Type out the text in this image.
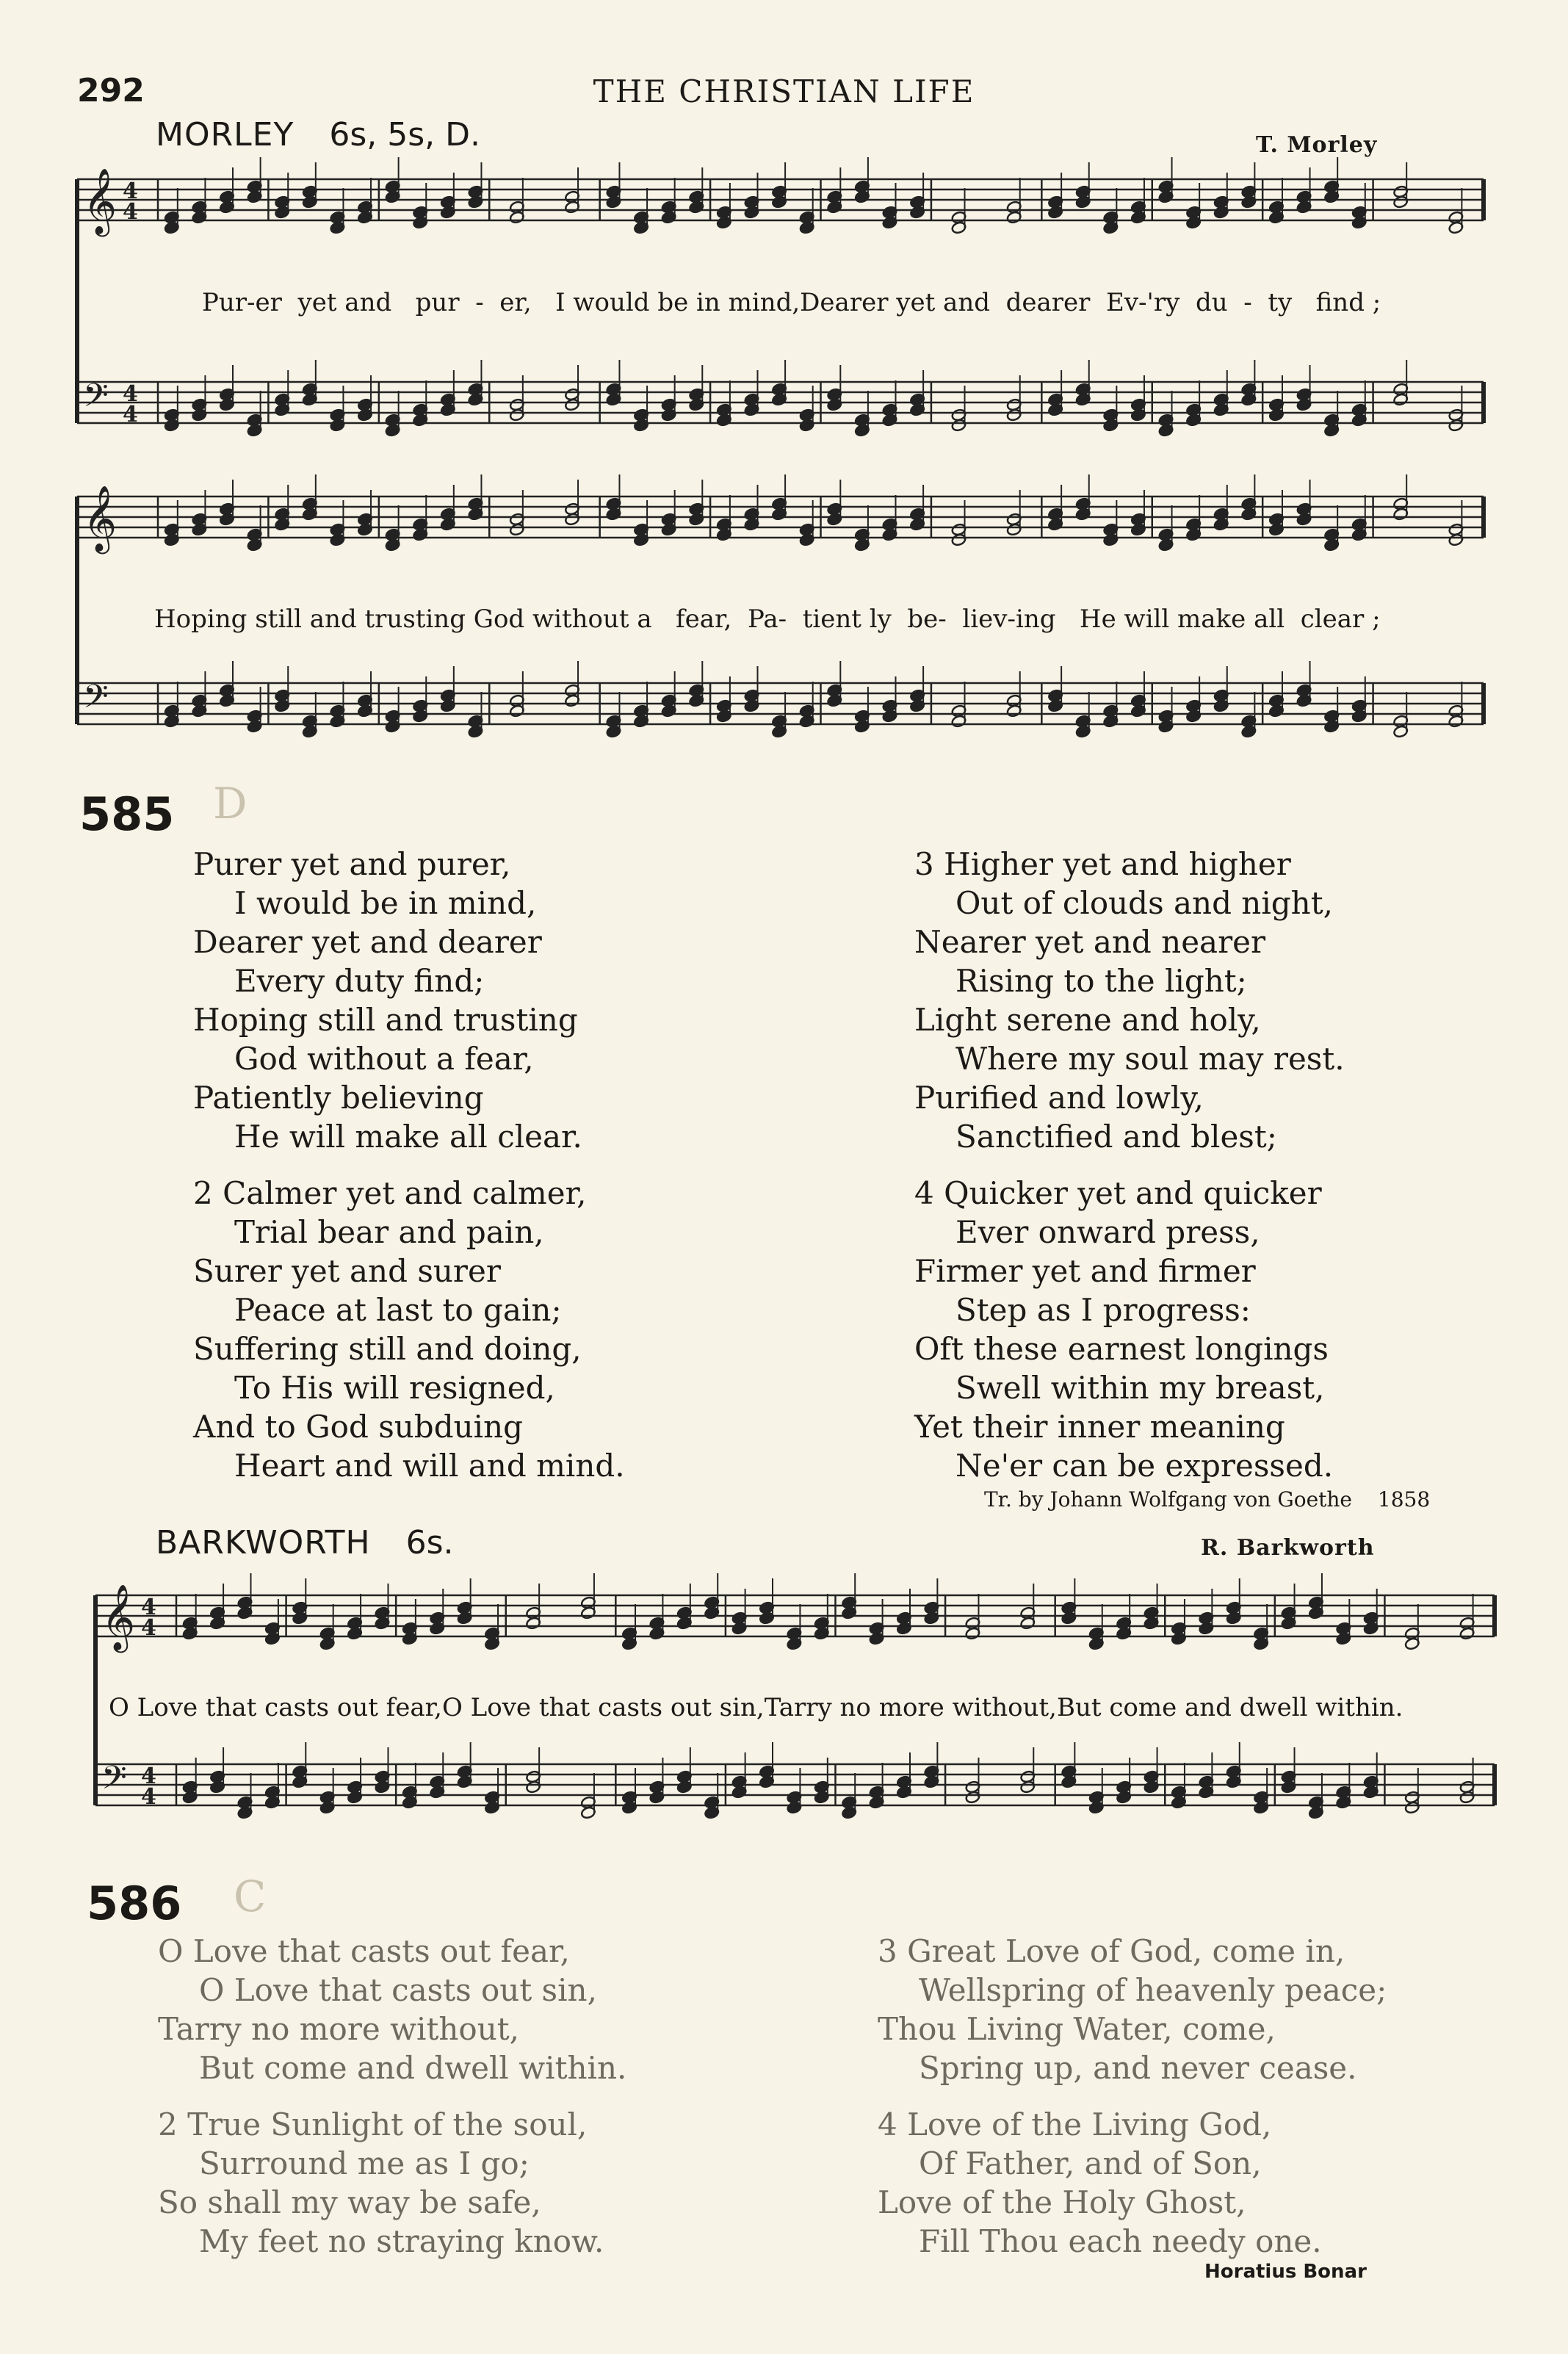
292	THE CHRISTIAN LIFE
MORLEY 6s, 5s, D.	T. Morley
𝄞 4
4
𝄢 4
4
𝄞
𝄢
𝄞 4
4
𝄢 4
4
Pur-er  yet and   pur  -  er,   I would be in mind,Dearer yet and  dearer  Ev-'ry  du  -  ty   find ;
Hoping still and trusting God without a   fear,  Pa-  tient ly  be-  liev-ing   He will make all  clear ;
585 D
Purer yet and purer,
I would be in mind,
Dearer yet and dearer
Every duty find;
Hoping still and trusting
God without a fear,
Patiently believing
He will make all clear.
2 Calmer yet and calmer,
Trial bear and pain,
Surer yet and surer
Peace at last to gain;
Suffering still and doing,
To His will resigned,
And to God subduing
Heart and will and mind.
3 Higher yet and higher
Out of clouds and night,
Nearer yet and nearer
Rising to the light;
Light serene and holy,
Where my soul may rest.
Purified and lowly,
Sanctified and blest;
4 Quicker yet and quicker
Ever onward press,
Firmer yet and firmer
Step as I progress:
Oft these earnest longings
Swell within my breast,
Yet their inner meaning
Ne'er can be expressed.
Tr. by Johann Wolfgang von Goethe 1858
BARKWORTH 6s.	R. Barkworth
O Love that casts out fear,O Love that casts out sin,Tarry no more without,But come and dwell within.
586 C
O Love that casts out fear,
O Love that casts out sin,
Tarry no more without,
But come and dwell within.
2 True Sunlight of the soul,
Surround me as I go;
So shall my way be safe,
My feet no straying know.
3 Great Love of God, come in,
Wellspring of heavenly peace;
Thou Living Water, come,
Spring up, and never cease.
4 Love of the Living God,
Of Father, and of Son,
Love of the Holy Ghost,
Fill Thou each needy one.
Horatius Bonar
